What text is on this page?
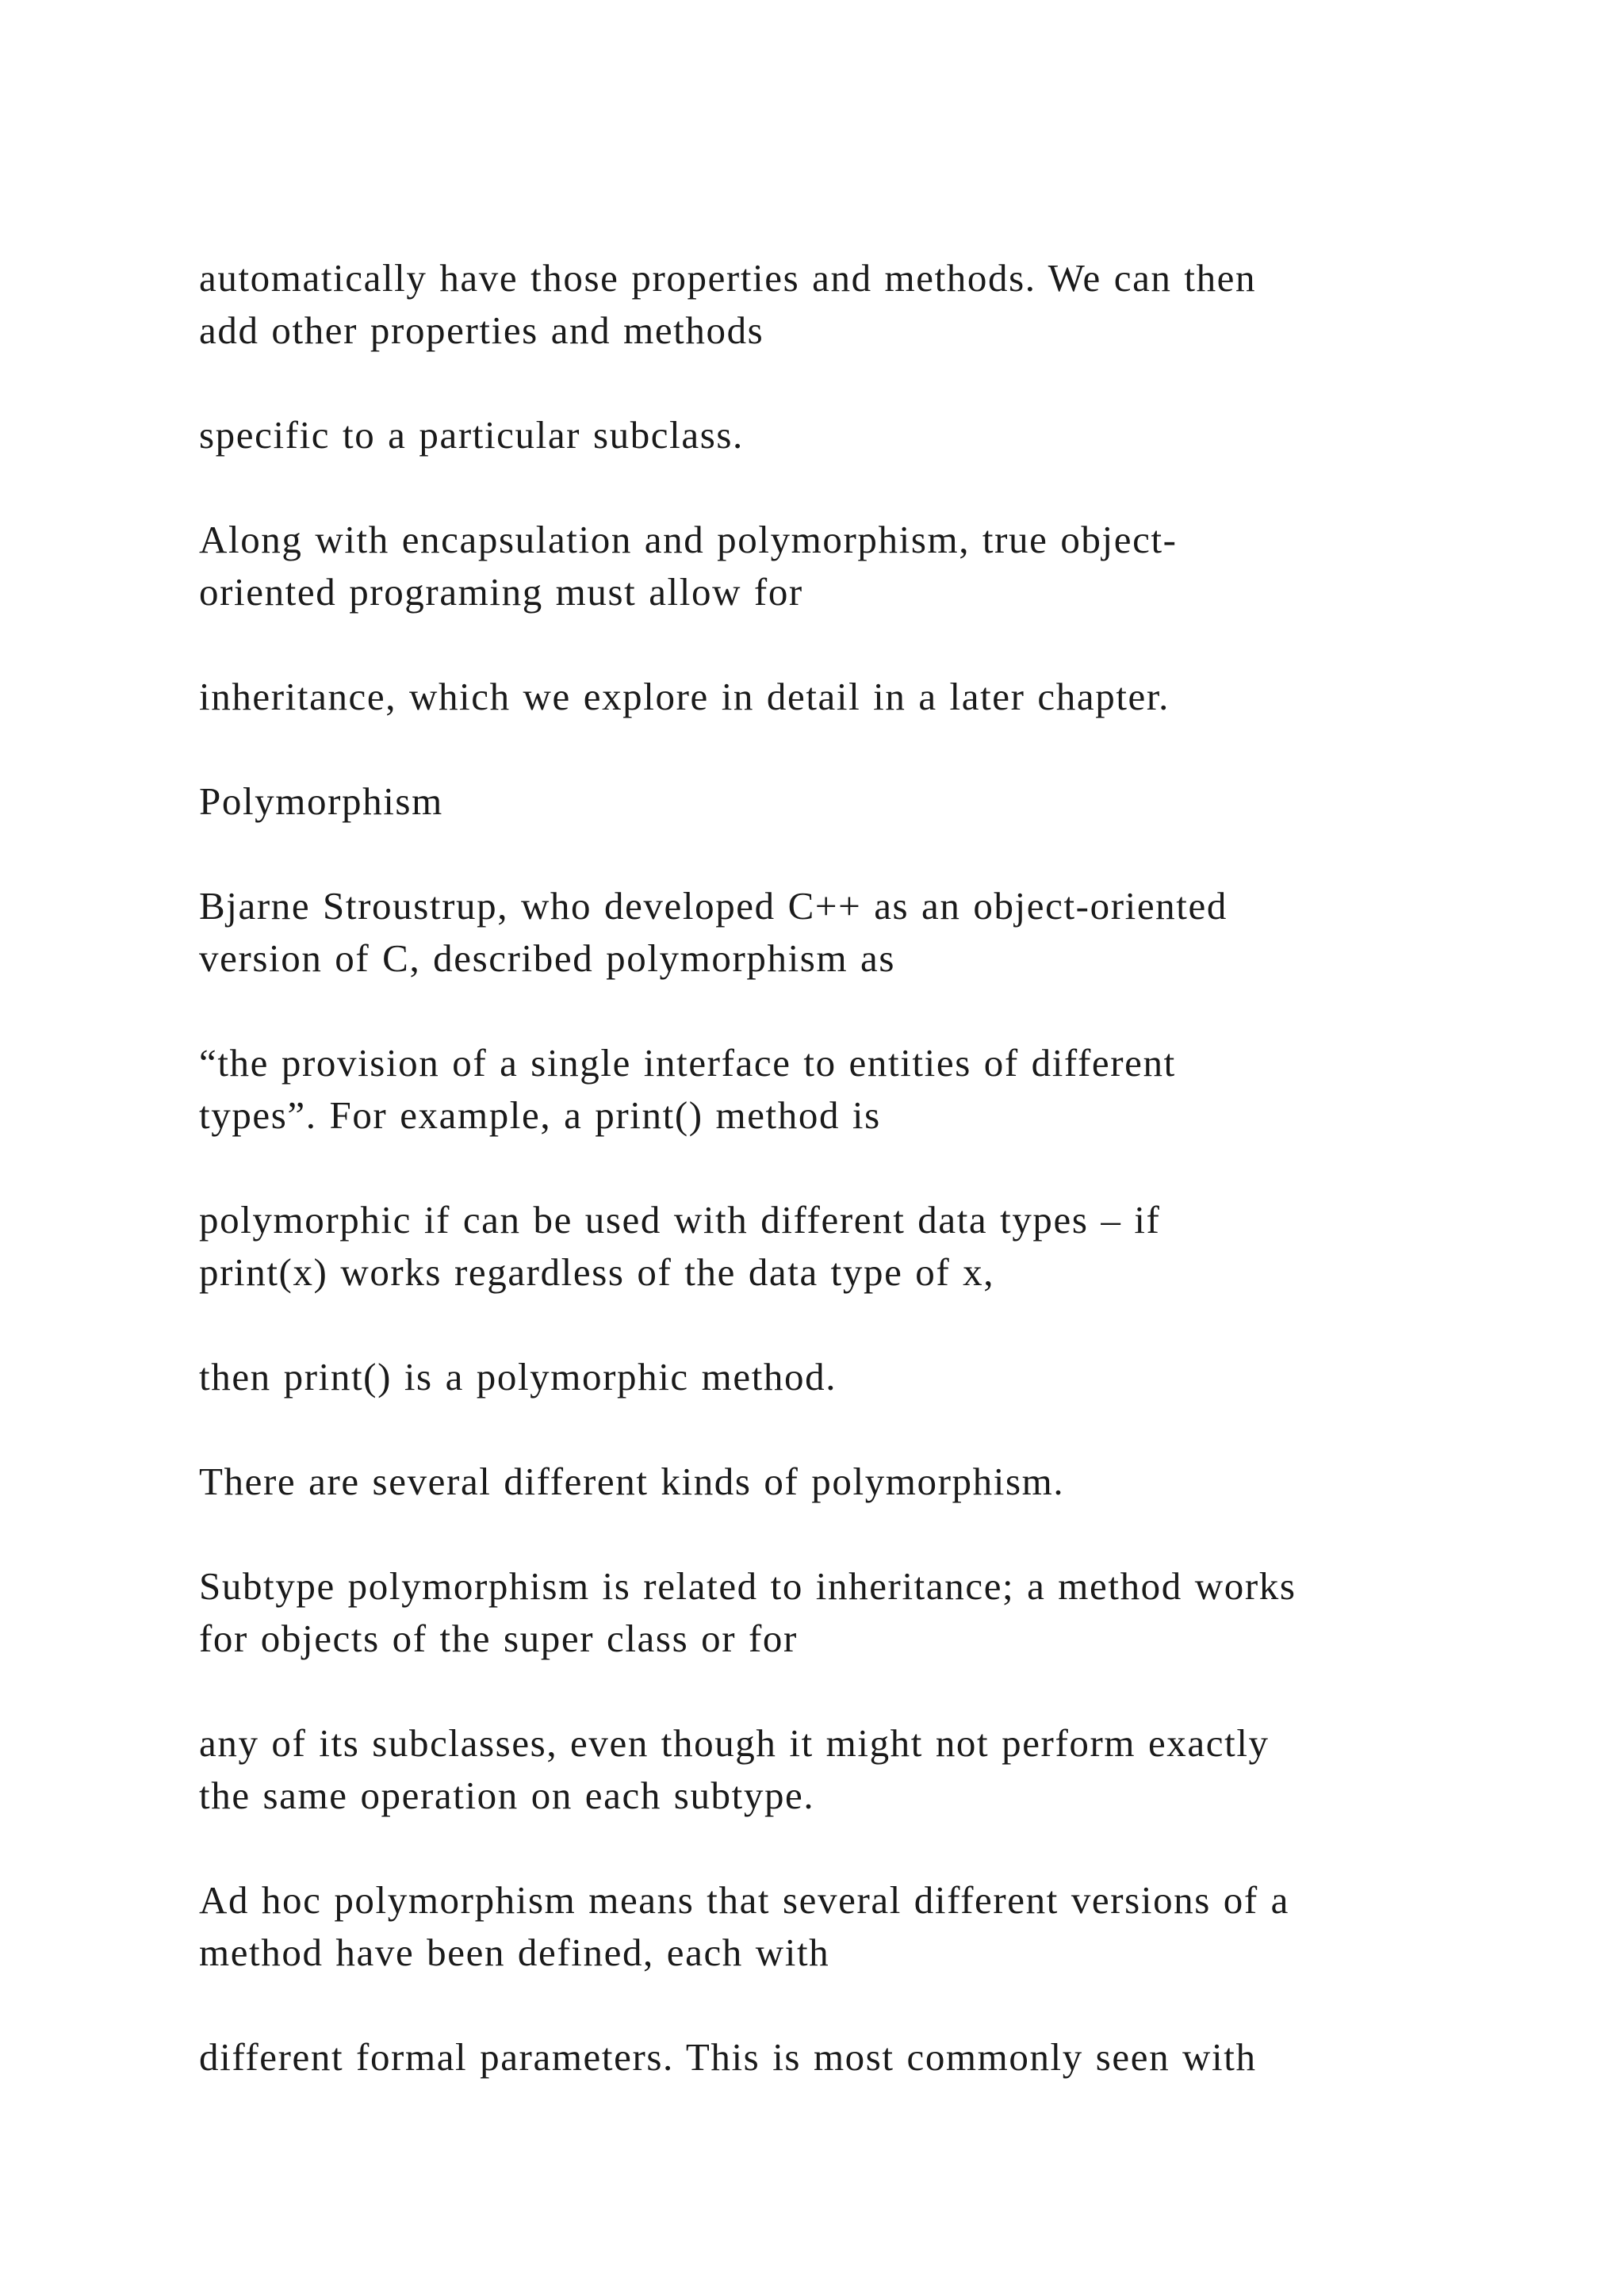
automatically have those properties and methods. We can then
add other properties and methods

specific to a particular subclass.

Along with encapsulation and polymorphism, true object-
oriented programing must allow for

inheritance, which we explore in detail in a later chapter.

Polymorphism

Bjarne Stroustrup, who developed C++ as an object-oriented
version of C, described polymorphism as

“the provision of a single interface to entities of different
types”. For example, a print() method is

polymorphic if can be used with different data types – if
print(x) works regardless of the data type of x,

then print() is a polymorphic method.

There are several different kinds of polymorphism.

Subtype polymorphism is related to inheritance; a method works
for objects of the super class or for

any of its subclasses, even though it might not perform exactly
the same operation on each subtype.

Ad hoc polymorphism means that several different versions of a
method have been defined, each with

different formal parameters. This is most commonly seen with
